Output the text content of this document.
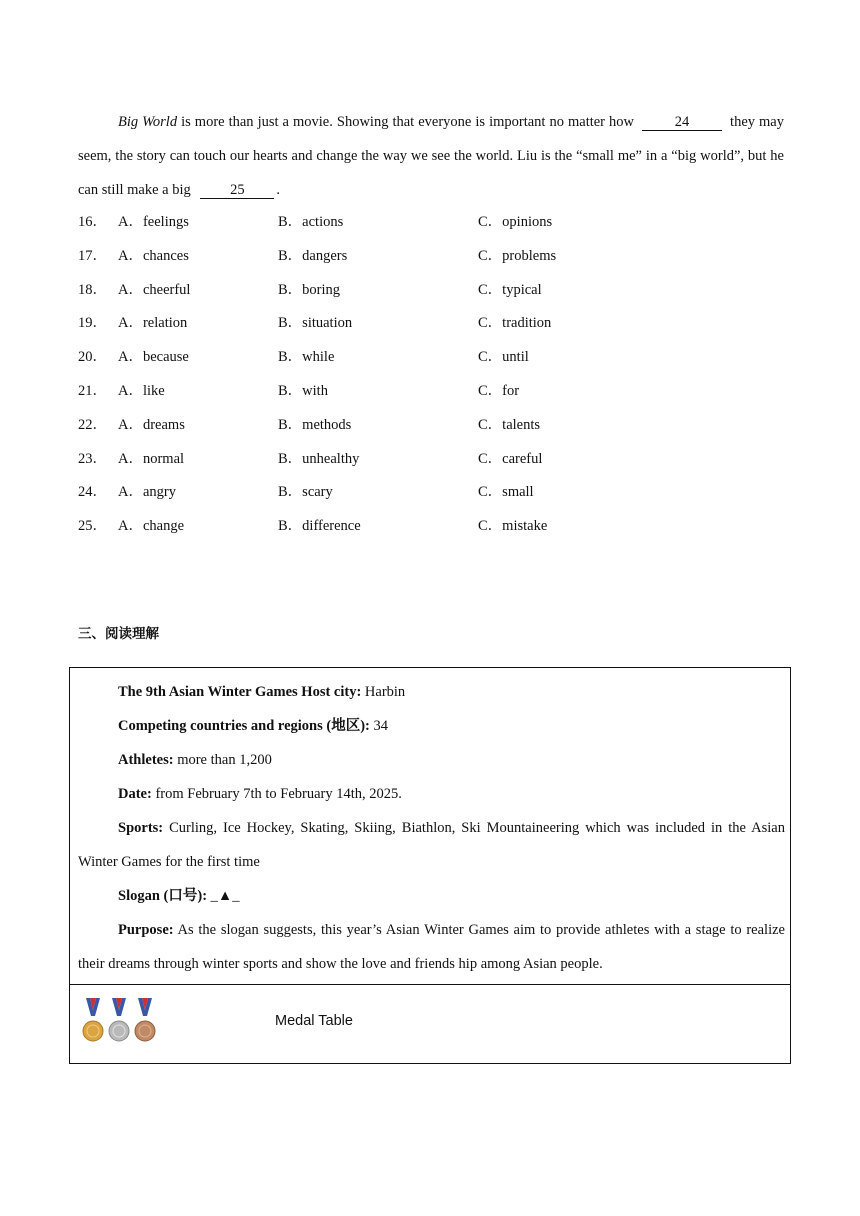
Big World is more than just a movie. Showing that everyone is important no matter how	24	they may seem, the story can touch our hearts and change the way we see the world. Liu is the “small me” in a “big world”, but he can still make a big 25 .
16． A．feelings	B．actions	C．opinions
17． A．chances	B．dangers	C．problems
18． A．cheerful	B．boring	C．typical
19． A．relation	B．situation	C．tradition
20． A．because	B．while	C．until
21． A．like	B．with	C．for
22． A．dreams	B．methods	C．talents
23． A．normal	B．unhealthy	C．careful
24． A．angry	B．scary	C．small
25． A．change	B．difference	C．mistake
三、阅读理解

The 9th Asian Winter Games Host city: Harbin

Competing countries and regions (地区): 34

Athletes: more than 1,200

Date: from February 7th to February 14th, 2025.

Sports: Curling, Ice Hockey, Skating, Skiing, Biathlon, Ski Mountaineering which was included in the Asian Winter Games for the first time

Slogan (口号): _▲_

Purpose: As the slogan suggests, this year’s Asian Winter Games aim to provide athletes with a stage to realize their dreams through winter sports and show the love and friends hip among Asian people.

Medal Table
